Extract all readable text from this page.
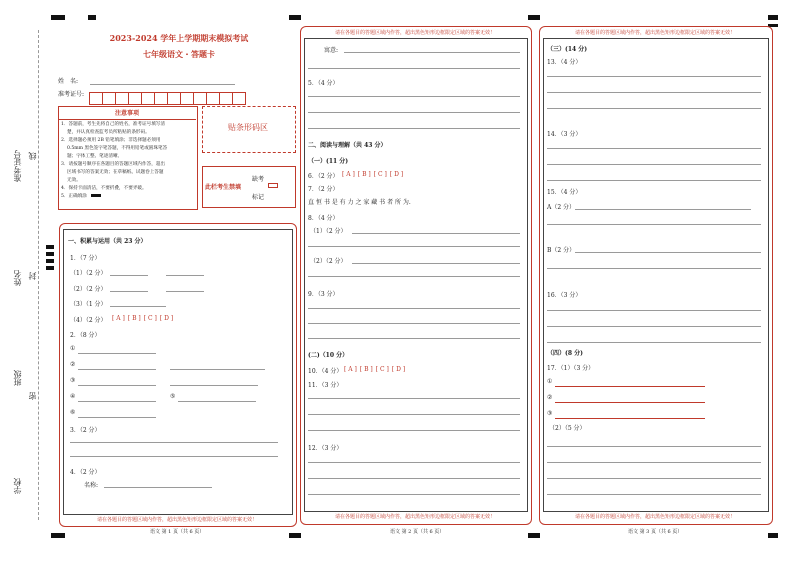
准考证号 线
姓名 封
班级
密
学校
2023-2024 学年上学期期末模拟考试
七年级语文・答题卡
姓　名:
准考证号:
注意事项
1．答题前，考生先将自己的姓名，准考证号填写清
楚，并认真检查监考员所粘贴的条形码。
2．选择题必须用 2B 铅笔填涂；非选择题必须用
0.5mm 黑色签字笔答题，不得用铅笔或圆珠笔答
题；字体工整、笔迹清晰。
3．请按题号顺序在各题目的答题区域内作答，超出
区域书写的答案无效；在草稿纸、试题卷上答题
无效。
4．保持卡面清洁，不要折叠，不要弄破。
5．正确填涂
贴条形码区
此栏考生禁填
缺考
标记
一、积累与运用（共 23 分）
1．（7 分）
（1）（2 分）
（2）（2 分）
（3）（1 分）
（4）（2 分） [ A ] [ B ] [ C ] [ D ]
2．（8 分）
①
②
③
④	⑤
⑥
3．（2 分）
4．（2 分）
名称:
请在各题目的答题区域内作答，超出黑色矩形边框限定区域的答案无效！
语文 第 1 页（共 6 页）
请在各题目的答题区域内作答，超出黑色矩形边框限定区域的答案无效！
寓意:
5．（4 分）
二、阅读与理解（共 43 分）
（一）(11 分)
6．（2 分） [ A ] [ B ] [ C ] [ D ]
7．（2 分）
直 恒 书 是 有 力 之 家 藏 书 者 所 为.
8．（4 分）
（1）（2 分）
（2）（2 分）
9．（3 分）
(二)（10 分）
10．（4 分） [ A ] [ B ] [ C ] [ D ]
11．（3 分）
12．（3 分）
请在各题目的答题区域内作答，超出黑色矩形边框限定区域的答案无效！
语文 第 2 页（共 6 页）
请在各题目的答题区域内作答，超出黑色矩形边框限定区域的答案无效！
（三）(14 分)
13．（4 分）
14．（3 分）
15．（4 分）
A（2 分）
B（2 分）
16．（3 分）
（四）(8 分)
17．（1）（3 分）
①
②
③
（2）（5 分）
请在各题目的答题区域内作答，超出黑色矩形边框限定区域的答案无效！
语文 第 3 页（共 6 页）
